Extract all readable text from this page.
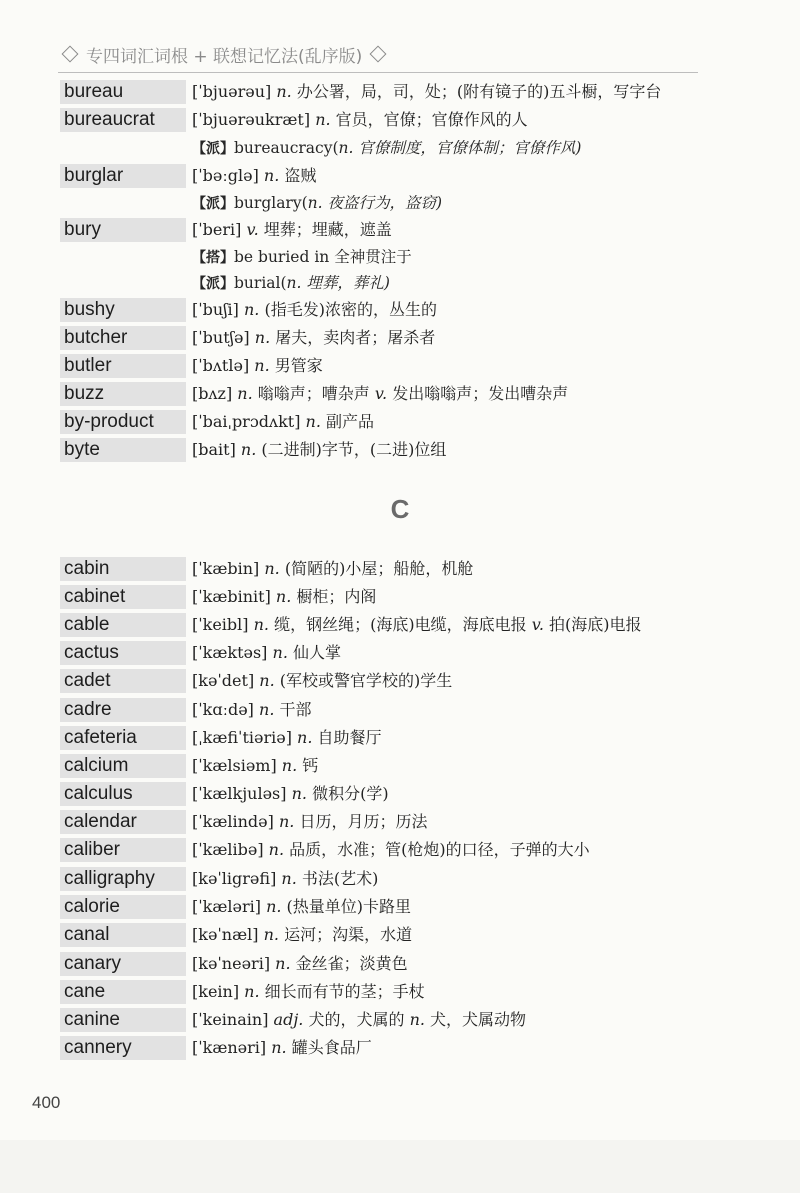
专四词汇词根 + 联想记忆法(乱序版)
bureau	[ˈbjuərəu] n. 办公署，局，司，处；(附有镜子的)五斗橱，写字台
bureaucrat	[ˈbjuərəukræt] n. 官员，官僚；官僚作风的人
【派】bureaucracy(n. 官僚制度，官僚体制；官僚作风)
burglar	[ˈbəːglə] n. 盗贼
【派】burglary(n. 夜盗行为，盗窃)
bury	[ˈberi] v. 埋葬；埋藏，遮盖
【搭】be buried in 全神贯注于
【派】burial(n. 埋葬，葬礼)
bushy	[ˈbuʃi] n. (指毛发)浓密的，丛生的
butcher	[ˈbutʃə] n. 屠夫，卖肉者；屠杀者
butler	[ˈbʌtlə] n. 男管家
buzz	[bʌz] n. 嗡嗡声；嘈杂声 v. 发出嗡嗡声；发出嘈杂声
by-product	[ˈbaiˌprɔdʌkt] n. 副产品
byte	[bait] n. (二进制)字节，(二进)位组
cabin	[ˈkæbin] n. (简陋的)小屋；船舱，机舱
cabinet	[ˈkæbinit] n. 橱柜；内阁
cable	[ˈkeibl] n. 缆，钢丝绳；(海底)电缆，海底电报 v. 拍(海底)电报
cactus	[ˈkæktəs] n. 仙人掌
cadet	[kəˈdet] n. (军校或警官学校的)学生
cadre	[ˈkɑːdə] n. 干部
cafeteria	[ˌkæfiˈtiəriə] n. 自助餐厅
calcium	[ˈkælsiəm] n. 钙
calculus	[ˈkælkjuləs] n. 微积分(学)
calendar	[ˈkælində] n. 日历，月历；历法
caliber	[ˈkælibə] n. 品质，水准；管(枪炮)的口径，子弹的大小
calligraphy	[kəˈligrəfi] n. 书法(艺术)
calorie	[ˈkæləri] n. (热量单位)卡路里
canal	[kəˈnæl] n. 运河；沟渠，水道
canary	[kəˈneəri] n. 金丝雀；淡黄色
cane	[kein] n. 细长而有节的茎；手杖
canine	[ˈkeinain] adj. 犬的，犬属的 n. 犬，犬属动物
cannery	[ˈkænəri] n. 罐头食品厂
C
400
